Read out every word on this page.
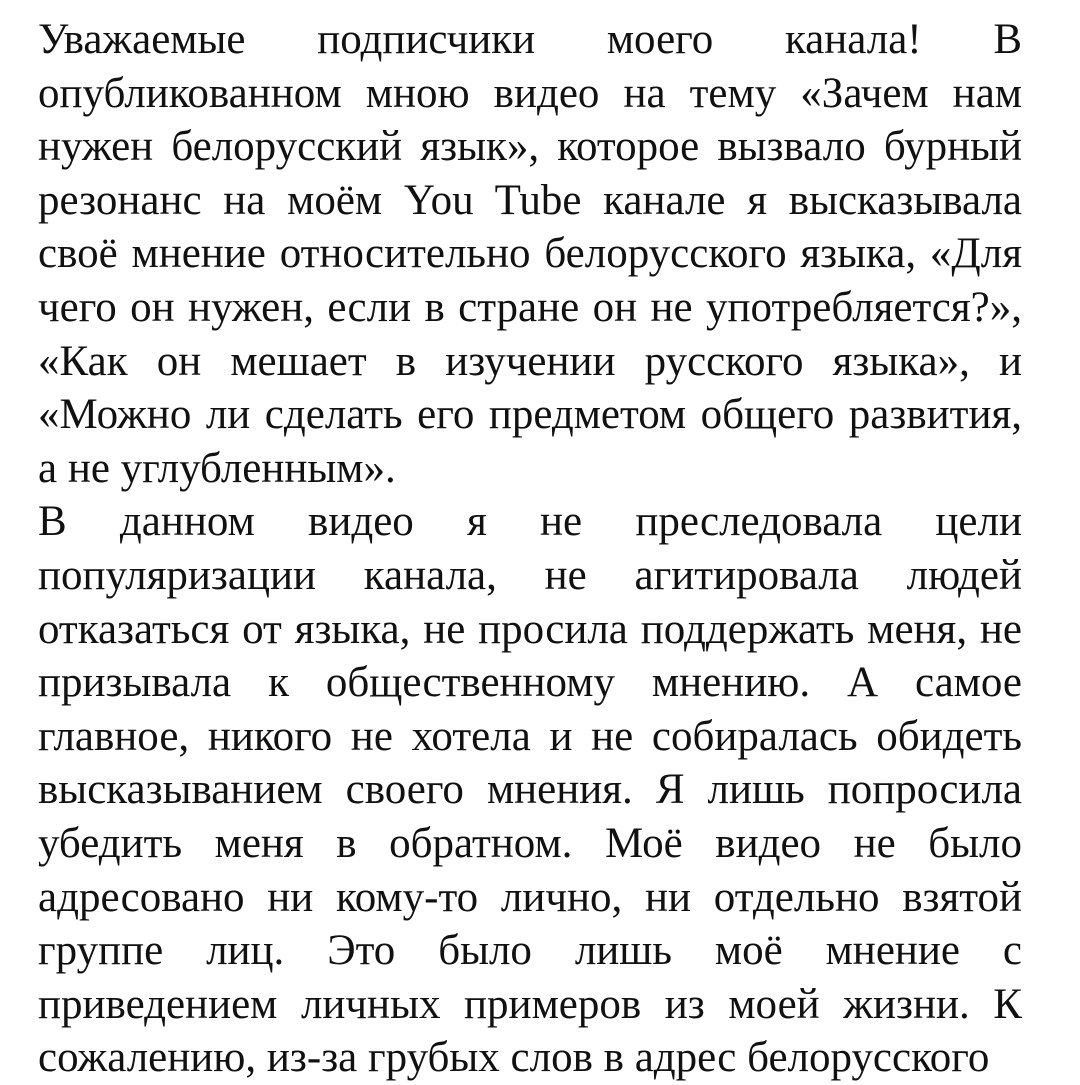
Уважаемые подписчики моего канала! В опубликованном мною видео на тему «Зачем нам нужен белорусский язык», которое вызвало бурный резонанс на моём You Tube канале я высказывала своё мнение относительно белорусского языка, «Для чего он нужен, если в стране он не употребляется?», «Как он мешает в изучении русского языка», и «Можно ли сделать его предметом общего развития, а не углубленным».

В данном видео я не преследовала цели популяризации канала, не агитировала людей отказаться от языка, не просила поддержать меня, не призывала к общественному мнению. А самое главное, никого не хотела и не собиралась обидеть высказыванием своего мнения. Я лишь попросила убедить меня в обратном. Моё видео не было адресовано ни кому-то лично, ни отдельно взятой группе лиц. Это было лишь моё мнение с приведением личных примеров из моей жизни. К сожалению, из-за грубых слов в адрес белорусского
